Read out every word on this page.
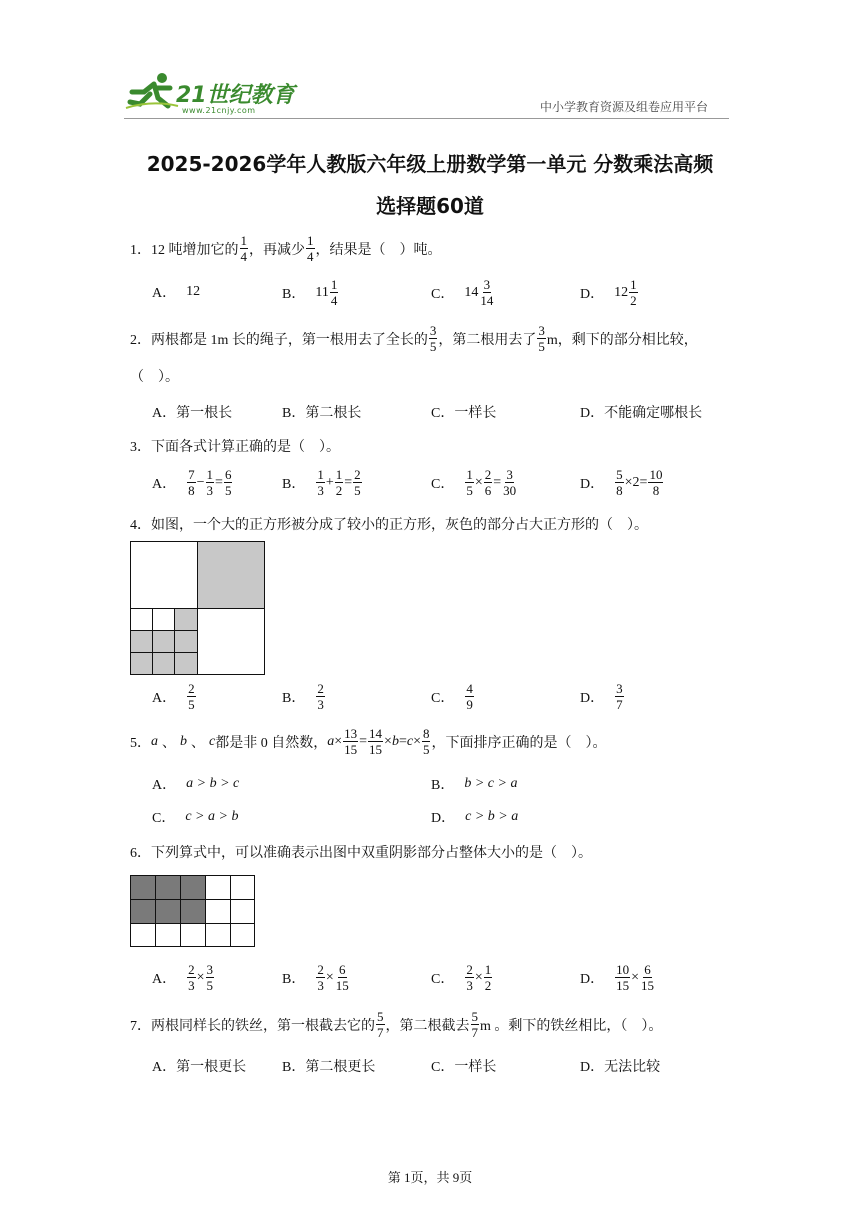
21世纪教育
www.21cnjy.com	中小学教育资源及组卷应用平台
2025-2026学年人教版六年级上册数学第一单元 分数乘法高频
选择题60道
1．12 吨增加它的 $\frac{1}{4}$ ，再减少 $\frac{1}{4}$ ，结果是（　）吨。
A． 12	B． $11 \frac{1}{4}$	C． $14 \frac{3}{14}$	D． $12 \frac{1}{2}$
2．两根都是 1m 长的绳子，第一根用去了全长的 $\frac{3}{5}$ ，第二根用去了 $\frac{3}{5}$ m，剩下的部分相比较，
（　）。
A．第一根长	B．第二根长	C．一样长	D．不能确定哪根长
3．下面各式计算正确的是（　）。
A． $\frac{7}{8} - \frac{1}{3} = \frac{6}{5}$	B． $\frac{1}{3} + \frac{1}{2} = \frac{2}{5}$	C． $\frac{1}{5} \times \frac{2}{6} = \frac{3}{30}$	D． $\frac{5}{8} \times 2 = \frac{10}{8}$
4．如图，一个大的正方形被分成了较小的正方形，灰色的部分占大正方形的（　）。
A． $\frac{2}{5}$	B． $\frac{2}{3}$	C． $\frac{4}{9}$	D． $\frac{3}{7}$
5． a 、 b 、 c 都是非 0 自然数， $a \times \frac{13}{15} = \frac{14}{15} \times b = c \times \frac{8}{5}$ ，下面排序正确的是（　）。
A． a > b > c	B． b > c > a
C． c > a > b	D． c > b > a
6．下列算式中，可以准确表示出图中双重阴影部分占整体大小的是（　）。
A． $\frac{2}{3} \times \frac{3}{5}$	B． $\frac{2}{3} \times \frac{6}{15}$	C． $\frac{2}{3} \times \frac{1}{2}$	D． $\frac{10}{15} \times \frac{6}{15}$
7．两根同样长的铁丝，第一根截去它的 $\frac{5}{7}$ ，第二根截去 $\frac{5}{7}$ m 。剩下的铁丝相比，（　）。
A．第一根更长	B．第二根更长	C．一样长	D．无法比较
第 1页，共 9页
